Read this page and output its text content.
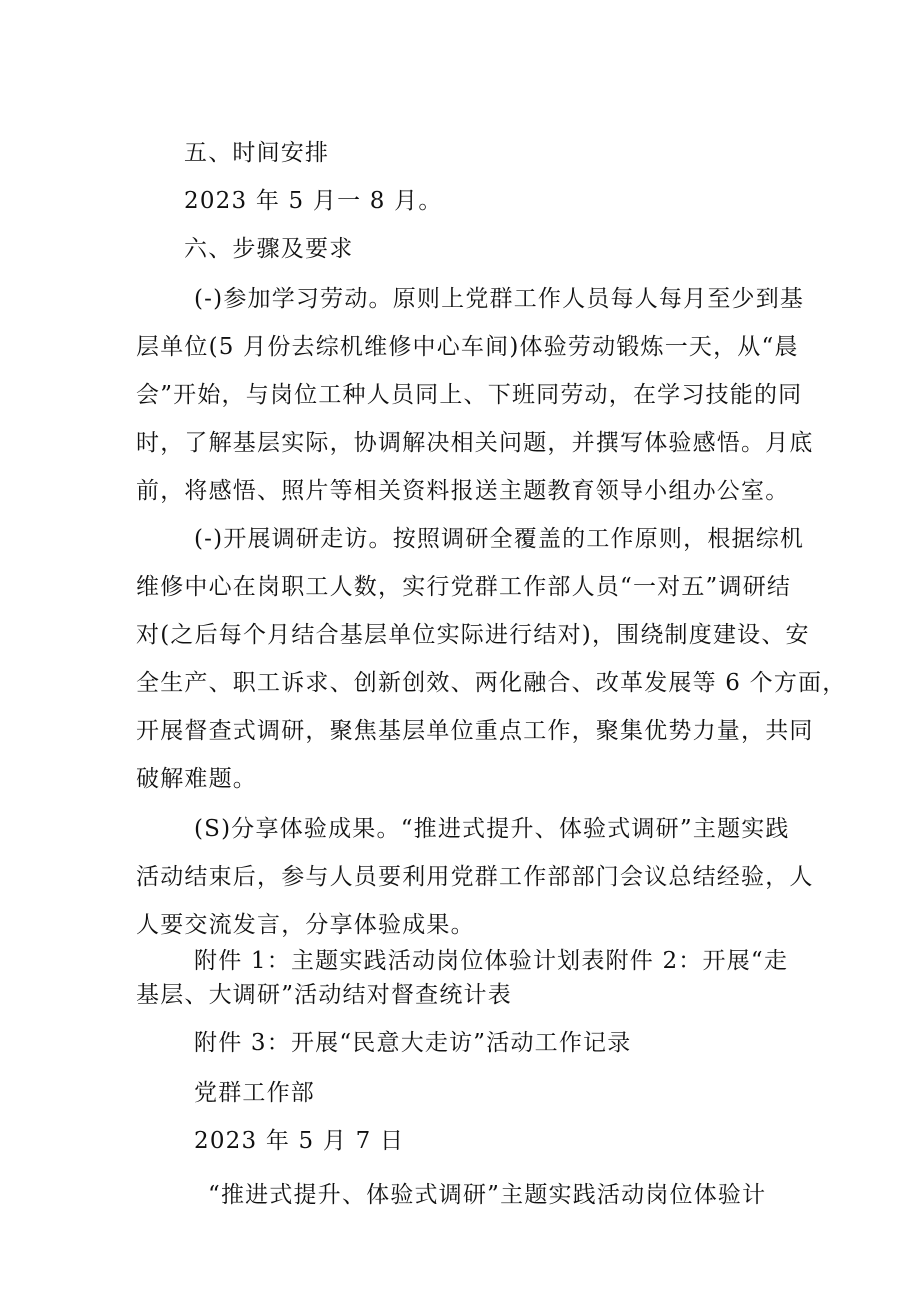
五、时间安排
2023 年 5 月一 8 月。
六、步骤及要求
(-)参加学习劳动。原则上党群工作人员每人每月至少到基
层单位(5 月份去综机维修中心车间)体验劳动锻炼一天，从“晨
会”开始，与岗位工种人员同上、下班同劳动，在学习技能的同
时，了解基层实际，协调解决相关问题，并撰写体验感悟。月底
前，将感悟、照片等相关资料报送主题教育领导小组办公室。
(-)开展调研走访。按照调研全覆盖的工作原则，根据综机
维修中心在岗职工人数，实行党群工作部人员“一对五”调研结
对(之后每个月结合基层单位实际进行结对)，围绕制度建设、安
全生产、职工诉求、创新创效、两化融合、改革发展等 6 个方面，
开展督查式调研，聚焦基层单位重点工作，聚集优势力量，共同
破解难题。
(S)分享体验成果。“推进式提升、体验式调研”主题实践
活动结束后，参与人员要利用党群工作部部门会议总结经验，人
人要交流发言，分享体验成果。
附件 1：主题实践活动岗位体验计划表附件 2：开展“走
基层、大调研”活动结对督查统计表
附件 3：开展“民意大走访”活动工作记录
党群工作部
2023 年 5 月 7 日
“推进式提升、体验式调研”主题实践活动岗位体验计
